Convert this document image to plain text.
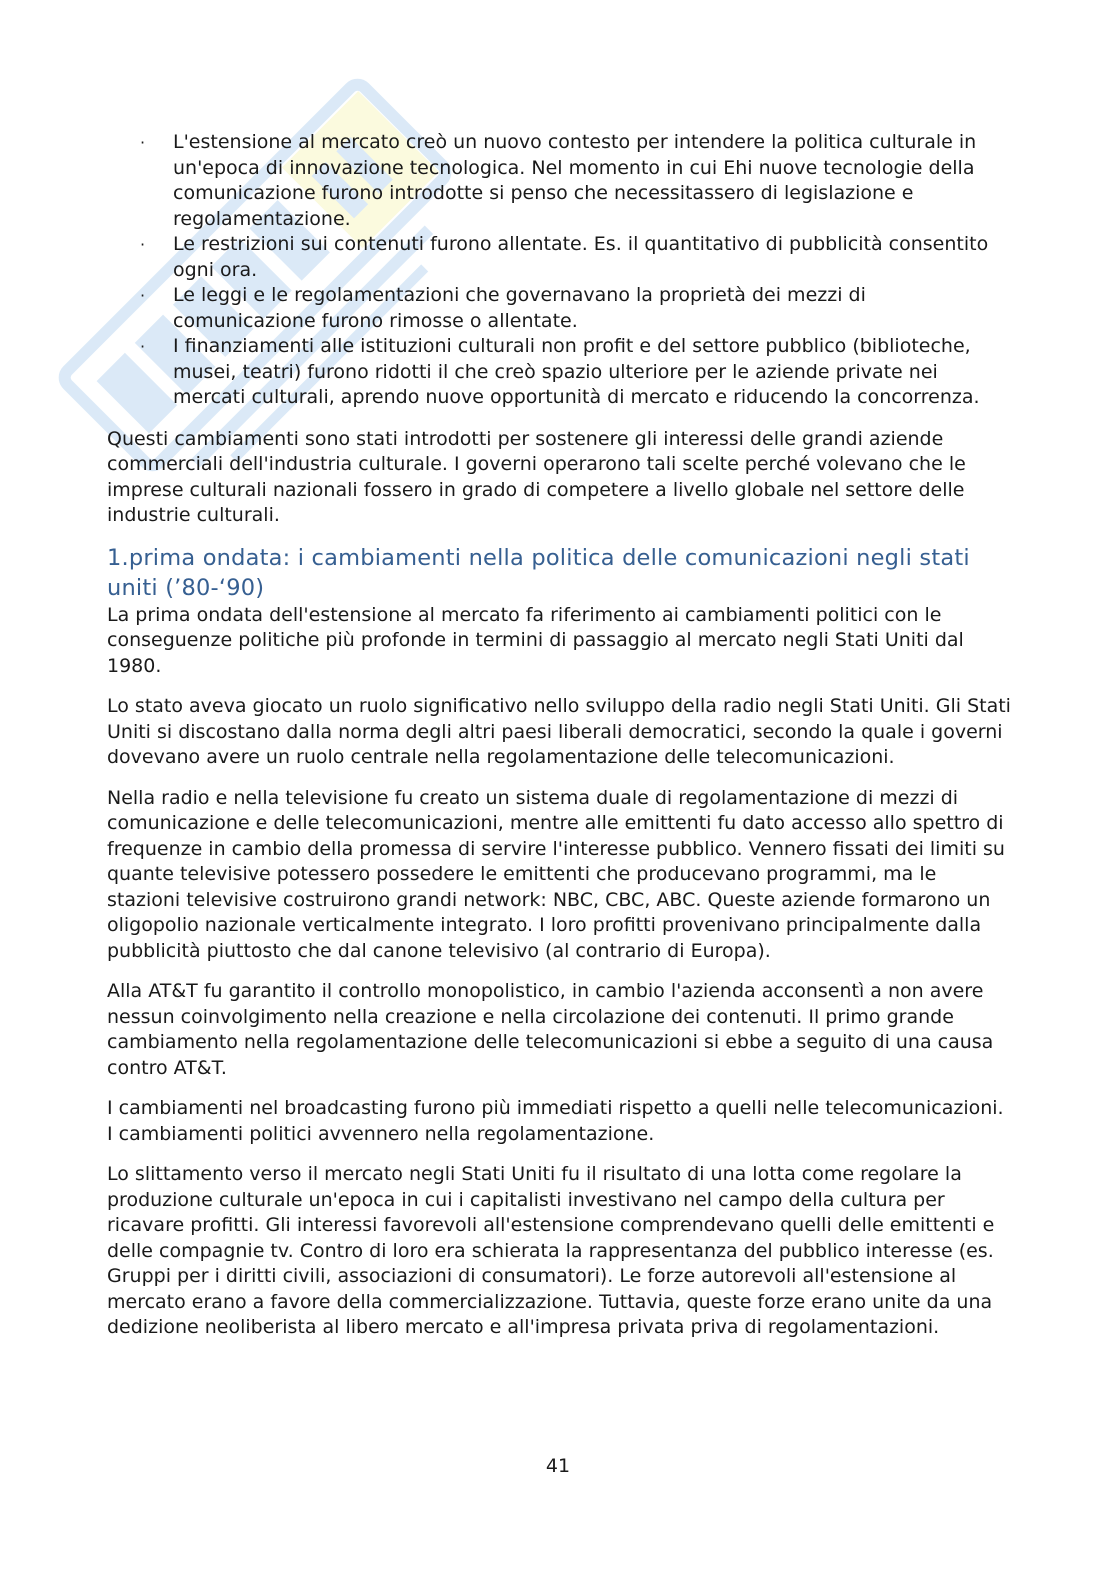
· L'estensione al mercato creò un nuovo contesto per intendere la politica culturale in un'epoca di innovazione tecnologica. Nel momento in cui Ehi nuove tecnologie della comunicazione furono introdotte si penso che necessitassero di legislazione e regolamentazione.
· Le restrizioni sui contenuti furono allentate. Es. il quantitativo di pubblicità consentito ogni ora.
· Le leggi e le regolamentazioni che governavano la proprietà dei mezzi di comunicazione furono rimosse o allentate.
· I finanziamenti alle istituzioni culturali non profit e del settore pubblico (biblioteche, musei, teatri) furono ridotti il che creò spazio ulteriore per le aziende private nei mercati culturali, aprendo nuove opportunità di mercato e riducendo la concorrenza.

Questi cambiamenti sono stati introdotti per sostenere gli interessi delle grandi aziende commerciali dell'industria culturale. I governi operarono tali scelte perché volevano che le imprese culturali nazionali fossero in grado di competere a livello globale nel settore delle industrie culturali.

1.prima ondata: i cambiamenti nella politica delle comunicazioni negli stati uniti (’80-‘90)

La prima ondata dell'estensione al mercato fa riferimento ai cambiamenti politici con le conseguenze politiche più profonde in termini di passaggio al mercato negli Stati Uniti dal 1980.

Lo stato aveva giocato un ruolo significativo nello sviluppo della radio negli Stati Uniti. Gli Stati Uniti si discostano dalla norma degli altri paesi liberali democratici, secondo la quale i governi dovevano avere un ruolo centrale nella regolamentazione delle telecomunicazioni.

Nella radio e nella televisione fu creato un sistema duale di regolamentazione di mezzi di comunicazione e delle telecomunicazioni, mentre alle emittenti fu dato accesso allo spettro di frequenze in cambio della promessa di servire l'interesse pubblico. Vennero fissati dei limiti su quante televisive potessero possedere le emittenti che producevano programmi, ma le stazioni televisive costruirono grandi network: NBC, CBC, ABC. Queste aziende formarono un oligopolio nazionale verticalmente integrato. I loro profitti provenivano principalmente dalla pubblicità piuttosto che dal canone televisivo (al contrario di Europa).

Alla AT&T fu garantito il controllo monopolistico, in cambio l'azienda acconsentì a non avere nessun coinvolgimento nella creazione e nella circolazione dei contenuti. Il primo grande cambiamento nella regolamentazione delle telecomunicazioni si ebbe a seguito di una causa contro AT&T.

I cambiamenti nel broadcasting furono più immediati rispetto a quelli nelle telecomunicazioni. I cambiamenti politici avvennero nella regolamentazione.

Lo slittamento verso il mercato negli Stati Uniti fu il risultato di una lotta come regolare la produzione culturale un'epoca in cui i capitalisti investivano nel campo della cultura per ricavare profitti. Gli interessi favorevoli all'estensione comprendevano quelli delle emittenti e delle compagnie tv. Contro di loro era schierata la rappresentanza del pubblico interesse (es. Gruppi per i diritti civili, associazioni di consumatori). Le forze autorevoli all'estensione al mercato erano a favore della commercializzazione. Tuttavia, queste forze erano unite da una dedizione neoliberista al libero mercato e all'impresa privata priva di regolamentazioni.

41
